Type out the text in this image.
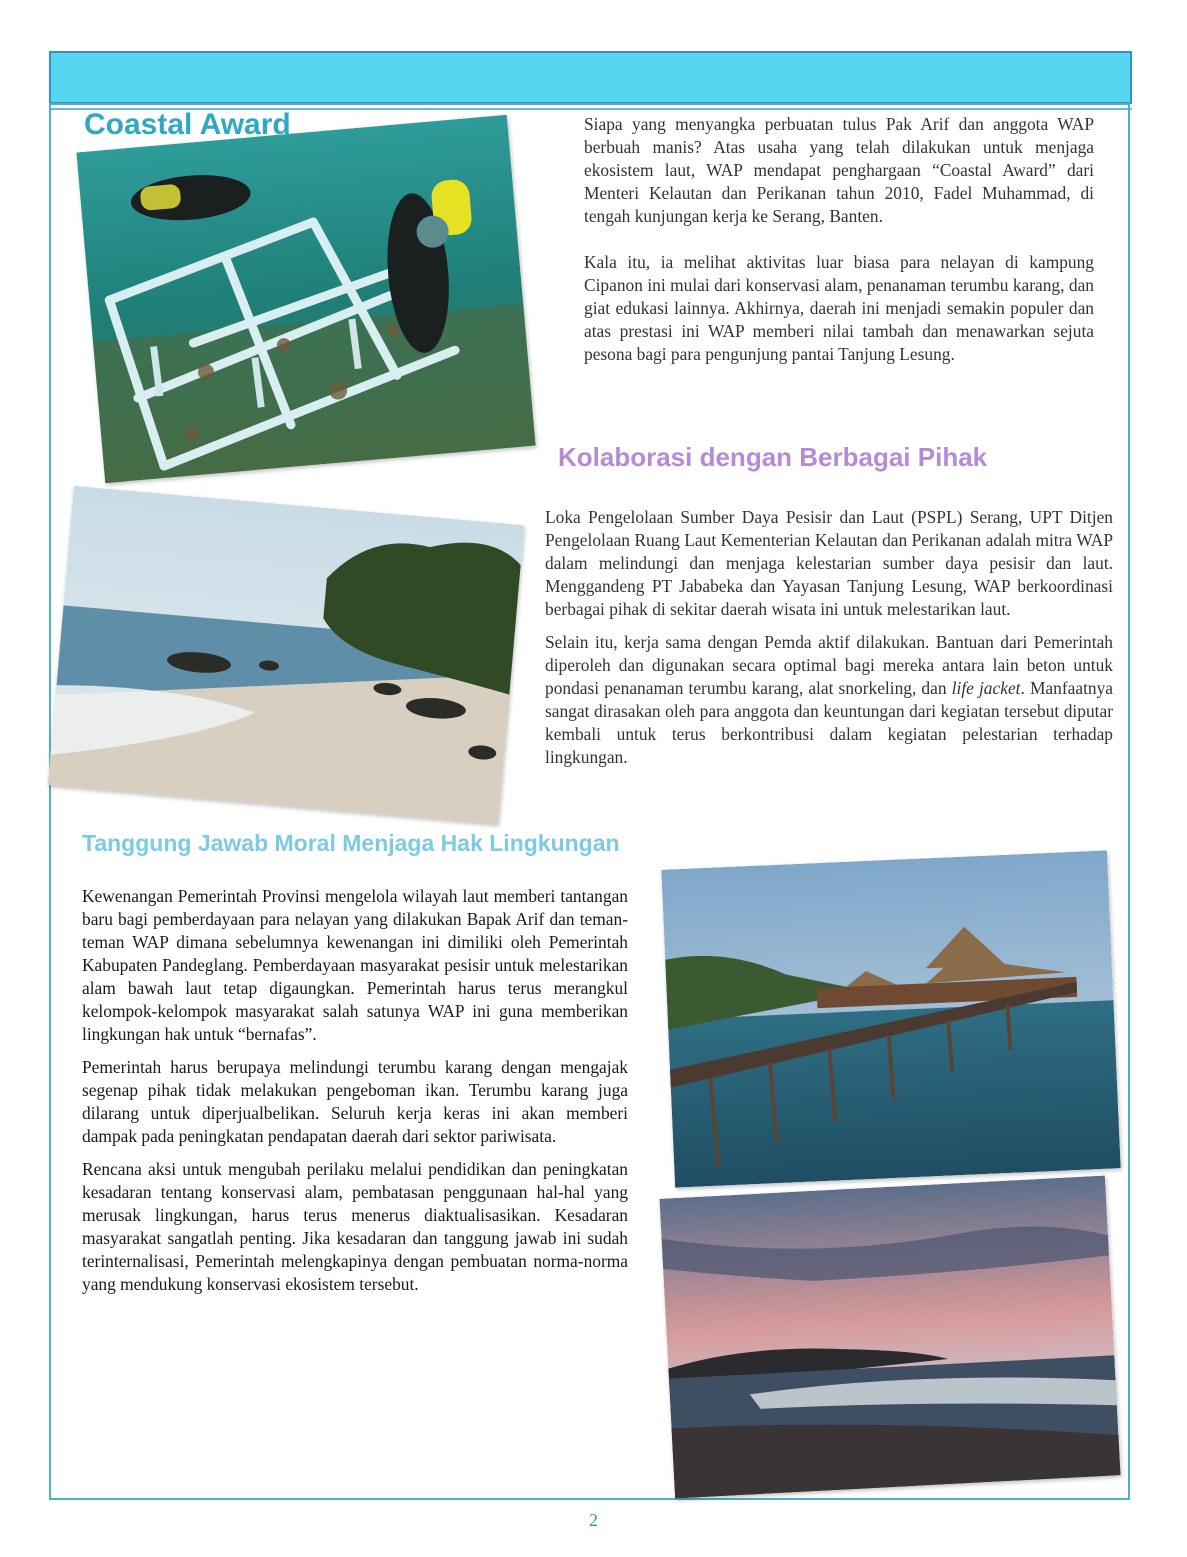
Coastal Award	Siapa yang menyangka perbuatan tulus Pak Arif dan anggota WAP berbuah manis? Atas usaha yang telah dilakukan untuk menjaga ekosistem laut, WAP mendapat penghargaan “Coastal Award” dari Menteri Kelautan dan Perikanan tahun 2010, Fadel Muhammad, di tengah kunjungan kerja ke Serang, Banten.

Kala itu, ia melihat aktivitas luar biasa para nelayan di kampung Cipanon ini mulai dari konservasi alam, penanaman terumbu karang, dan giat edukasi lainnya. Akhirnya, daerah ini menjadi semakin populer dan atas prestasi ini WAP memberi nilai tambah dan menawarkan sejuta pesona bagi para pengunjung pantai Tanjung Lesung.

Kolaborasi dengan Berbagai Pihak

Loka Pengelolaan Sumber Daya Pesisir dan Laut (PSPL) Serang, UPT Ditjen Pengelolaan Ruang Laut Kementerian Kelautan dan Perikanan adalah mitra WAP dalam melindungi dan menjaga kelestarian sumber daya pesisir dan laut. Menggandeng PT Jababeka dan Yayasan Tanjung Lesung, WAP berkoordinasi berbagai pihak di sekitar daerah wisata ini untuk melestarikan laut.

Selain itu, kerja sama dengan Pemda aktif dilakukan. Bantuan dari Pemerintah diperoleh dan digunakan secara optimal bagi mereka antara lain beton untuk pondasi penanaman terumbu karang, alat snorkeling, dan life jacket. Manfaatnya sangat dirasakan oleh para anggota dan keuntungan dari kegiatan tersebut diputar kembali untuk terus berkontribusi dalam kegiatan pelestarian terhadap lingkungan.

Tanggung Jawab Moral Menjaga Hak Lingkungan

Kewenangan Pemerintah Provinsi mengelola wilayah laut memberi tantangan baru bagi pemberdayaan para nelayan yang dilakukan Bapak Arif dan teman-teman WAP dimana sebelumnya kewenangan ini dimiliki oleh Pemerintah Kabupaten Pandeglang. Pemberdayaan masyarakat pesisir untuk melestarikan alam bawah laut tetap digaungkan. Pemerintah harus terus merangkul kelompok-kelompok masyarakat salah satunya WAP ini guna memberikan lingkungan hak untuk “bernafas”.

Pemerintah harus berupaya melindungi terumbu karang dengan mengajak segenap pihak tidak melakukan pengeboman ikan. Terumbu karang juga dilarang untuk diperjualbelikan. Seluruh kerja keras ini akan memberi dampak pada peningkatan pendapatan daerah dari sektor pariwisata.

Rencana aksi untuk mengubah perilaku melalui pendidikan dan peningkatan kesadaran tentang konservasi alam, pembatasan penggunaan hal-hal yang merusak lingkungan, harus terus menerus diaktualisasikan. Kesadaran masyarakat sangatlah penting. Jika kesadaran dan tanggung jawab ini sudah terinternalisasi, Pemerintah melengkapinya dengan pembuatan norma-norma yang mendukung konservasi ekosistem tersebut.

2
